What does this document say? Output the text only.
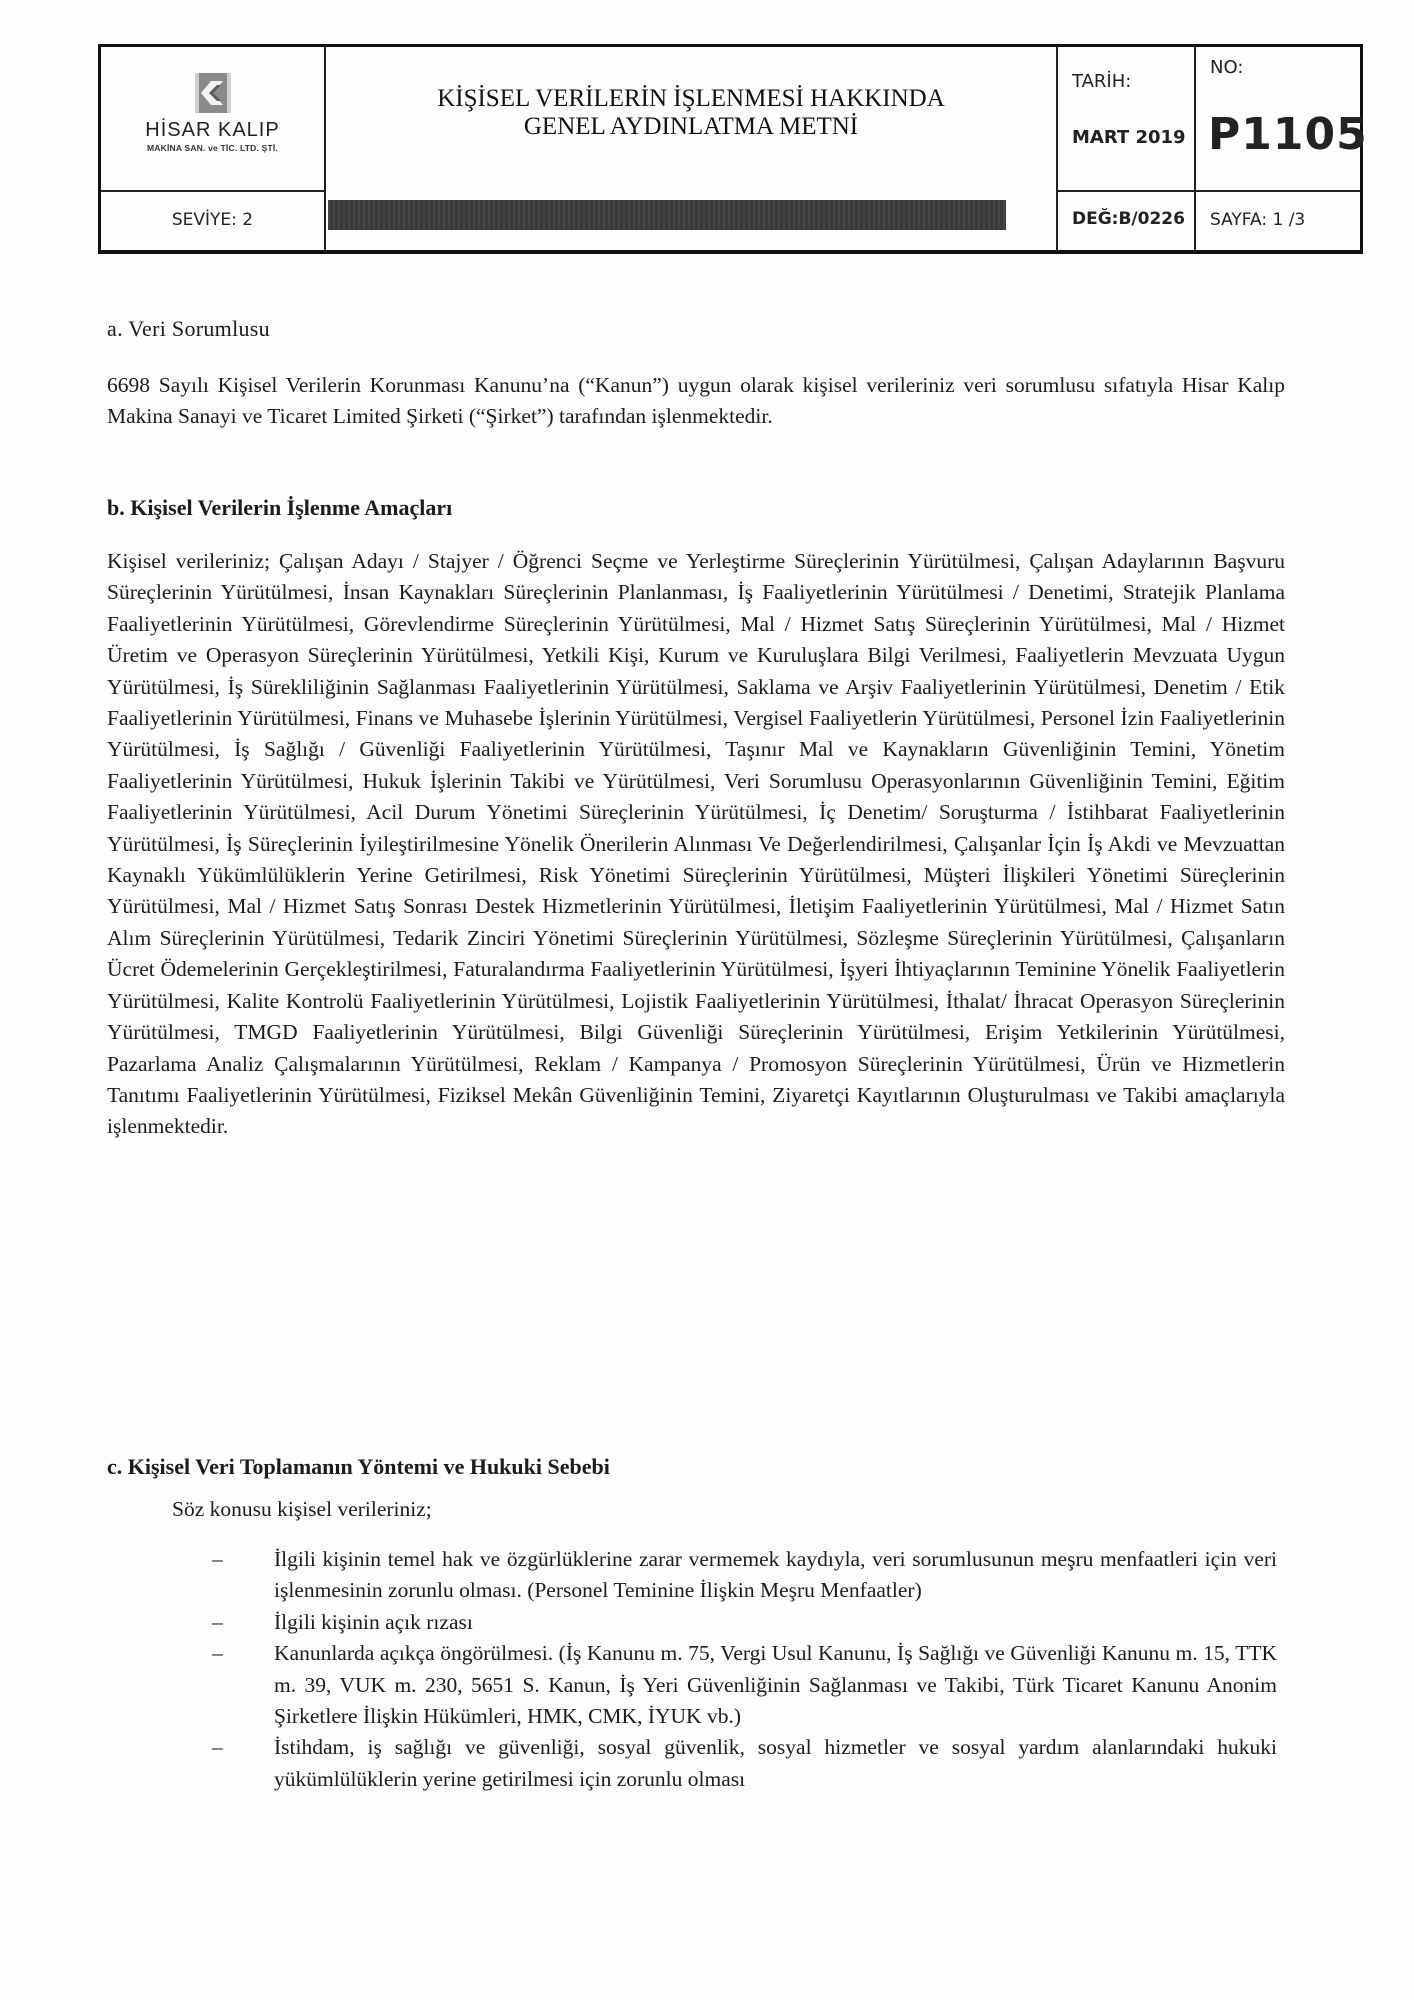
HİSAR KALIP
MAKİNA SAN. ve TİC. LTD. ŞTİ.
KİŞİSEL VERİLERİN İŞLENMESİ HAKKINDA
GENEL AYDINLATMA METNİ
TARİH:
MART 2019
NO:
P1105
SEVİYE: 2	DEĞ:B/0226 SAYFA: 1 /3
a. Veri Sorumlusu
6698 Sayılı Kişisel Verilerin Korunması Kanunu’na (“Kanun”) uygun olarak kişisel verileriniz veri sorumlusu sıfatıyla Hisar Kalıp Makina Sanayi ve Ticaret Limited Şirketi (“Şirket”) tarafından işlenmektedir.
b. Kişisel Verilerin İşlenme Amaçları
Kişisel verileriniz; Çalışan Adayı / Stajyer / Öğrenci Seçme ve Yerleştirme Süreçlerinin Yürütülmesi, Çalışan Adaylarının Başvuru Süreçlerinin Yürütülmesi, İnsan Kaynakları Süreçlerinin Planlanması, İş Faaliyetlerinin Yürütülmesi / Denetimi, Stratejik Planlama Faaliyetlerinin Yürütülmesi, Görevlendirme Süreçlerinin Yürütülmesi, Mal / Hizmet Satış Süreçlerinin Yürütülmesi, Mal / Hizmet Üretim ve Operasyon Süreçlerinin Yürütülmesi, Yetkili Kişi, Kurum ve Kuruluşlara Bilgi Verilmesi, Faaliyetlerin Mevzuata Uygun Yürütülmesi, İş Sürekliliğinin Sağlanması Faaliyetlerinin Yürütülmesi, Saklama ve Arşiv Faaliyetlerinin Yürütülmesi, Denetim / Etik Faaliyetlerinin Yürütülmesi, Finans ve Muhasebe İşlerinin Yürütülmesi, Vergisel Faaliyetlerin Yürütülmesi, Personel İzin Faaliyetlerinin Yürütülmesi, İş Sağlığı / Güvenliği Faaliyetlerinin Yürütülmesi, Taşınır Mal ve Kaynakların Güvenliğinin Temini, Yönetim Faaliyetlerinin Yürütülmesi, Hukuk İşlerinin Takibi ve Yürütülmesi, Veri Sorumlusu Operasyonlarının Güvenliğinin Temini, Eğitim Faaliyetlerinin Yürütülmesi, Acil Durum Yönetimi Süreçlerinin Yürütülmesi, İç Denetim/ Soruşturma / İstihbarat Faaliyetlerinin Yürütülmesi, İş Süreçlerinin İyileştirilmesine Yönelik Önerilerin Alınması Ve Değerlendirilmesi, Çalışanlar İçin İş Akdi ve Mevzuattan Kaynaklı Yükümlülüklerin Yerine Getirilmesi, Risk Yönetimi Süreçlerinin Yürütülmesi, Müşteri İlişkileri Yönetimi Süreçlerinin Yürütülmesi, Mal / Hizmet Satış Sonrası Destek Hizmetlerinin Yürütülmesi, İletişim Faaliyetlerinin Yürütülmesi, Mal / Hizmet Satın Alım Süreçlerinin Yürütülmesi, Tedarik Zinciri Yönetimi Süreçlerinin Yürütülmesi, Sözleşme Süreçlerinin Yürütülmesi, Çalışanların Ücret Ödemelerinin Gerçekleştirilmesi, Faturalandırma Faaliyetlerinin Yürütülmesi, İşyeri İhtiyaçlarının Teminine Yönelik Faaliyetlerin Yürütülmesi, Kalite Kontrolü Faaliyetlerinin Yürütülmesi, Lojistik Faaliyetlerinin Yürütülmesi, İthalat/ İhracat Operasyon Süreçlerinin Yürütülmesi, TMGD Faaliyetlerinin Yürütülmesi, Bilgi Güvenliği Süreçlerinin Yürütülmesi, Erişim Yetkilerinin Yürütülmesi, Pazarlama Analiz Çalışmalarının Yürütülmesi, Reklam / Kampanya / Promosyon Süreçlerinin Yürütülmesi, Ürün ve Hizmetlerin Tanıtımı Faaliyetlerinin Yürütülmesi, Fiziksel Mekân Güvenliğinin Temini, Ziyaretçi Kayıtlarının Oluşturulması ve Takibi amaçlarıyla işlenmektedir.
c. Kişisel Veri Toplamanın Yöntemi ve Hukuki Sebebi
Söz konusu kişisel verileriniz;
– İlgili kişinin temel hak ve özgürlüklerine zarar vermemek kaydıyla, veri sorumlusunun meşru menfaatleri için veri işlenmesinin zorunlu olması. (Personel Teminine İlişkin Meşru Menfaatler)
– İlgili kişinin açık rızası
– Kanunlarda açıkça öngörülmesi. (İş Kanunu m. 75, Vergi Usul Kanunu, İş Sağlığı ve Güvenliği Kanunu m. 15, TTK m. 39, VUK m. 230, 5651 S. Kanun, İş Yeri Güvenliğinin Sağlanması ve Takibi, Türk Ticaret Kanunu Anonim Şirketlere İlişkin Hükümleri, HMK, CMK, İYUK vb.)
– İstihdam, iş sağlığı ve güvenliği, sosyal güvenlik, sosyal hizmetler ve sosyal yardım alanlarındaki hukuki yükümlülüklerin yerine getirilmesi için zorunlu olması
